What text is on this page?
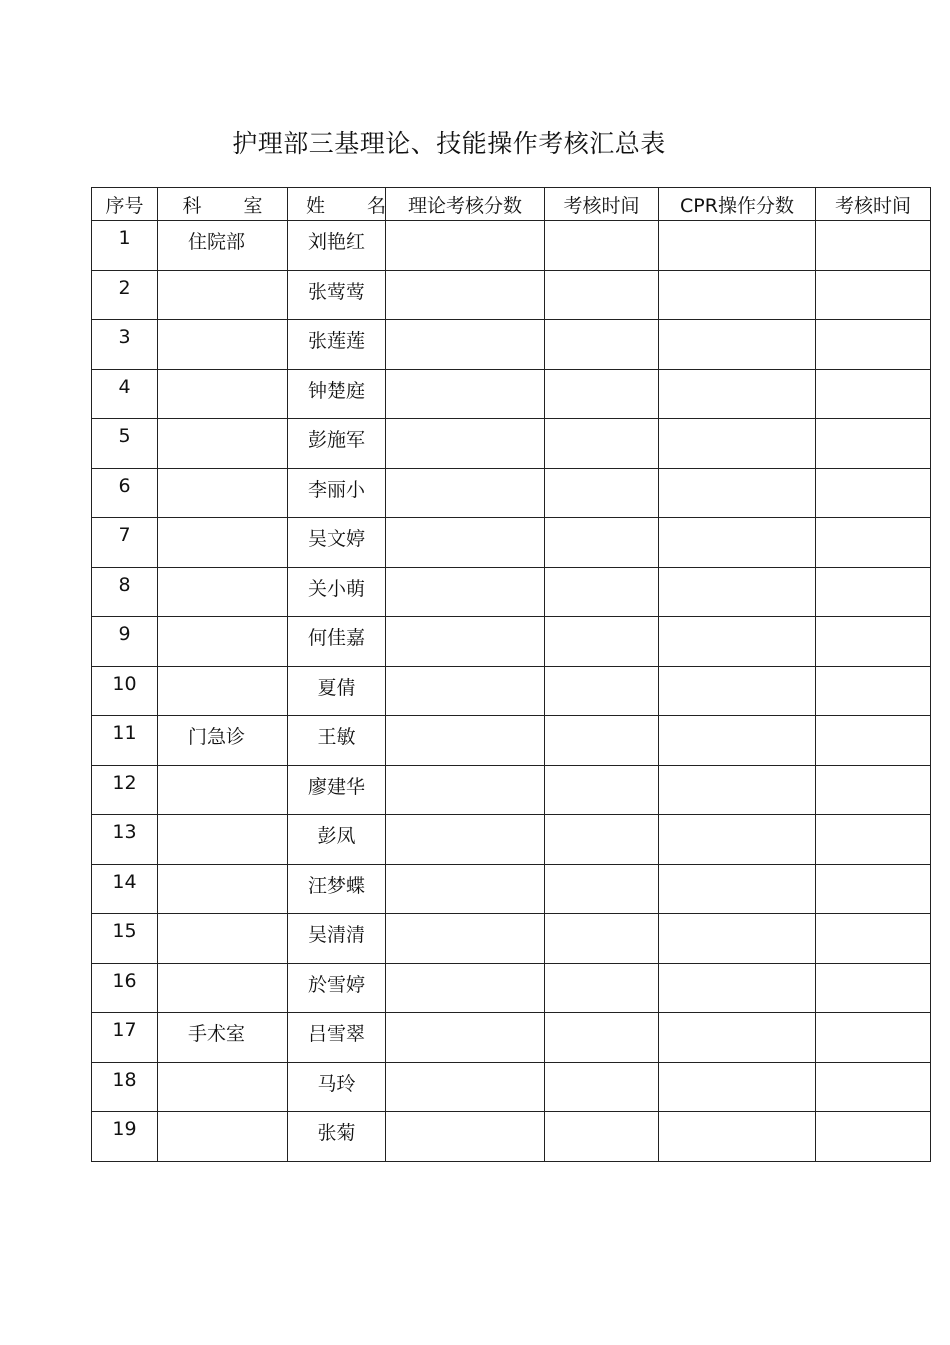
护理部三基理论、技能操作考核汇总表
序号	科 室	姓 名	理论考核分数	考核时间	CPR操作分数	考核时间
1	住院部	刘艳红				
2		张莺莺				
3		张莲莲				
4		钟楚庭				
5		彭施军				
6		李丽小				
7		吴文婷				
8		关小萌				
9		何佳嘉				
10		夏倩				
11	门急诊	王敏				
12		廖建华				
13		彭凤				
14		汪梦蝶				
15		吴清清				
16		於雪婷				
17	手术室	吕雪翠				
18		马玲				
19		张菊				
